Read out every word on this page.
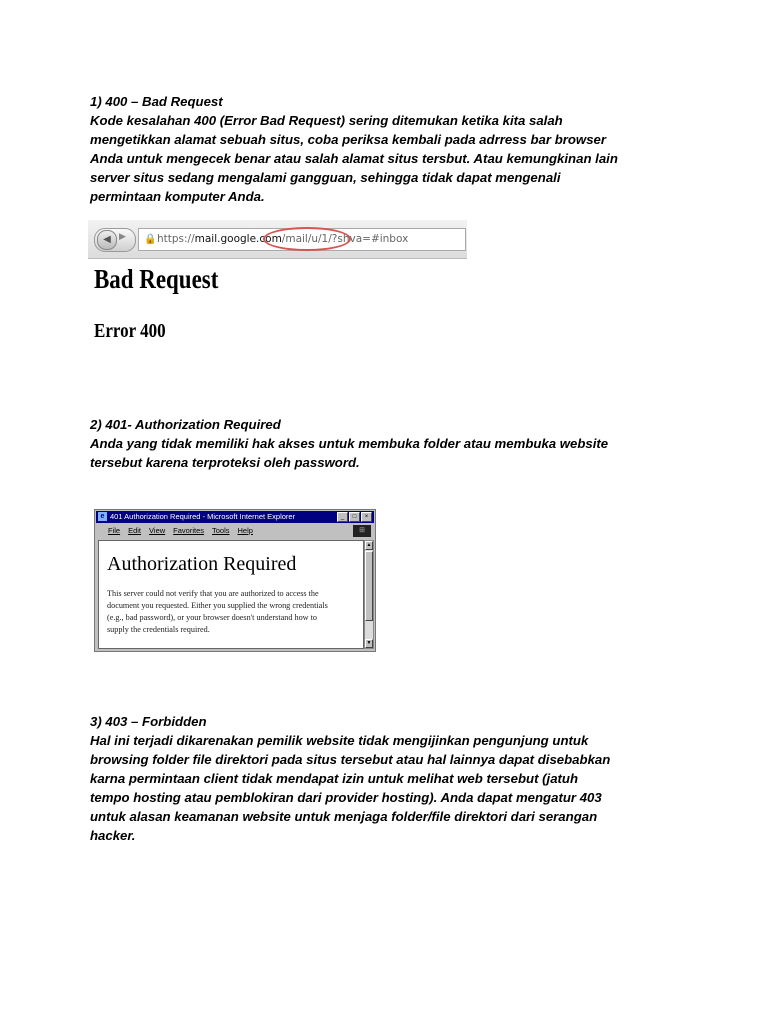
1) 400 – Bad Request
Kode kesalahan 400 (Error Bad Request) sering ditemukan ketika kita salah
mengetikkan alamat sebuah situs, coba periksa kembali pada adrress bar browser
Anda untuk mengecek benar atau salah alamat situs tersbut. Atau kemungkinan lain
server situs sedang mengalami gangguan, sehingga tidak dapat mengenali
permintaan komputer Anda.
◀ ▶ 🔒 https://mail.google.com/mail/u/1/?shva=#inbox
Bad Request
Error 400
2) 401- Authorization Required
Anda yang tidak memiliki hak akses untuk membuka folder atau membuka website
tersebut karena terproteksi oleh password.
e 401 Authorization Required - Microsoft Internet Explorer	_	□	×
File Edit View Favorites Tools Help	⊞
Authorization Required
This server could not verify that you are authorized to access the
document you requested. Either you supplied the wrong credentials
(e.g., bad password), or your browser doesn't understand how to
supply the credentials required.
▲
▼
3) 403 – Forbidden
Hal ini terjadi dikarenakan pemilik website tidak mengijinkan pengunjung untuk
browsing folder file direktori pada situs tersebut atau hal lainnya dapat disebabkan
karna permintaan client tidak mendapat izin untuk melihat web tersebut (jatuh
tempo hosting atau pemblokiran dari provider hosting). Anda dapat mengatur 403
untuk alasan keamanan website untuk menjaga folder/file direktori dari serangan
hacker.
